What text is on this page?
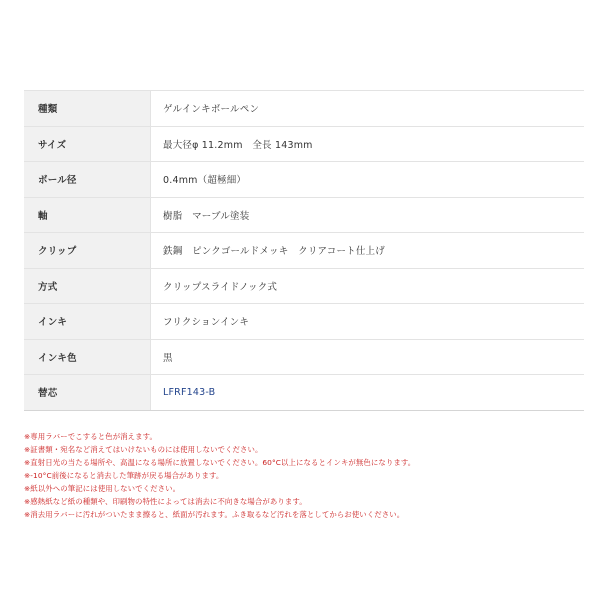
種類	ゲルインキボールペン
サイズ	最大径φ 11.2mm　全長 143mm
ボール径	0.4mm（超極細）
軸	樹脂　マーブル塗装
クリップ	鉄鋼　ピンクゴールドメッキ　クリアコート仕上げ
方式	クリップスライドノック式
インキ	フリクションインキ
インキ色	黒
替芯	LFRF143-B
※専用ラバーでこすると色が消えます。
※証書類・宛名など消えてはいけないものには使用しないでください。
※直射日光の当たる場所や、高温になる場所に放置しないでください。60°C以上になるとインキが無色になります。
※-10°C前後になると消去した筆跡が戻る場合があります。
※紙以外への筆記には使用しないでください。
※感熱紙など紙の種類や、印刷物の特性によっては消去に不向きな場合があります。
※消去用ラバーに汚れがついたまま擦ると、紙面が汚れます。ふき取るなど汚れを落としてからお使いください。
